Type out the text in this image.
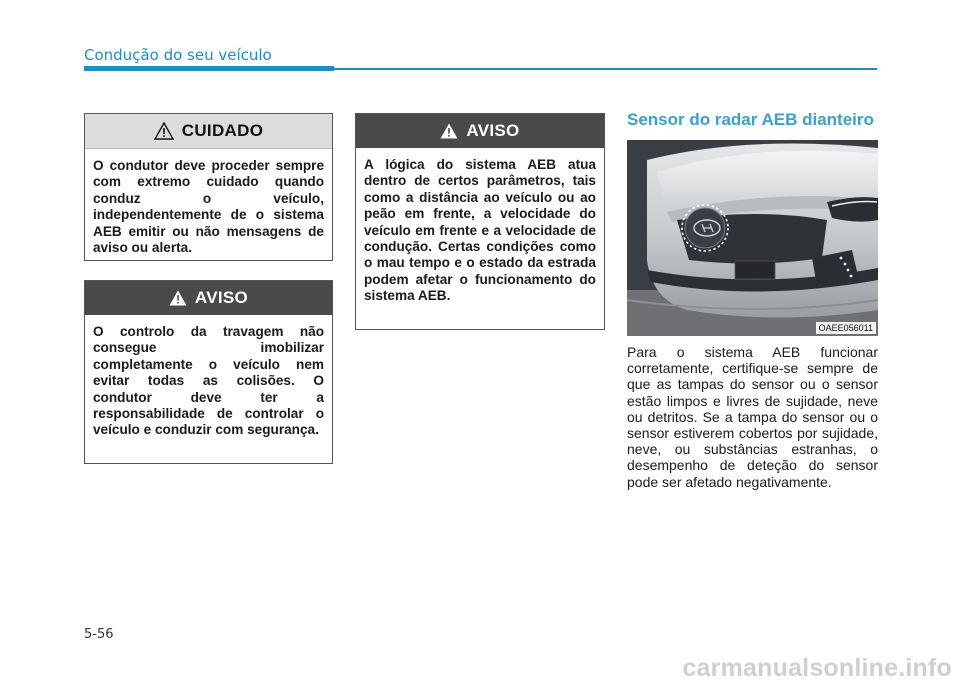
Condução do seu veículo
CUIDADO
O condutor deve proceder sempre com extremo cuidado quando conduz o veículo, independentemente de o sistema AEB emitir ou não mensagens de aviso ou alerta.
AVISO
O controlo da travagem não consegue imobilizar completamente o veículo nem evitar todas as colisões. O condutor deve ter a responsabilidade de controlar o veículo e conduzir com segurança.
AVISO
A lógica do sistema AEB atua dentro de certos parâmetros, tais como a distância ao veículo ou ao peão em frente, a velocidade do veículo em frente e a velocidade de condução. Certas condições como o mau tempo e o estado da estrada podem afetar o funcionamento do sistema AEB.
Sensor do radar AEB dianteiro
OAEE056011
Para o sistema AEB funcionar corretamente, certifique-se sempre de que as tampas do sensor ou o sensor estão limpos e livres de sujidade, neve ou detritos. Se a tampa do sensor ou o sensor estiverem cobertos por sujidade, neve, ou substâncias estranhas, o desempenho de deteção do sensor pode ser afetado negativamente.
5-56
carmanualsonline.info
